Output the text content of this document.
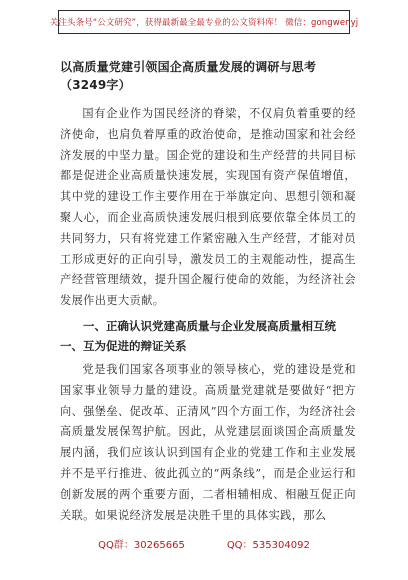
关注头条号“公文研究”，获得最新最全最专业的公文资料库！ 微信：gongwenyj
以高质量党建引领国企高质量发展的调研与思考（3249字）

国有企业作为国民经济的脊梁，不仅肩负着重要的经济使命，也肩负着厚重的政治使命，是推动国家和社会经济发展的中坚力量。国企党的建设和生产经营的共同目标都是促进企业高质量快速发展，实现国有资产保值增值，其中党的建设工作主要作用在于举旗定向、思想引领和凝聚人心，而企业高质快速发展归根到底要依靠全体员工的共同努力，只有将党建工作紧密融入生产经营，才能对员工形成更好的正向引导，激发员工的主观能动性，提高生产经营管理绩效，提升国企履行使命的效能，为经济社会发展作出更大贡献。

一、正确认识党建高质量与企业发展高质量相互统一、互为促进的辩证关系

党是我们国家各项事业的领导核心，党的建设是党和国家事业领导力量的建设。高质量党建就是要做好“把方向、强堡垒、促改革、正清风”四个方面工作，为经济社会高质量发展保驾护航。因此，从党建层面谈国企高质量发展内涵，我们应该认识到国有企业的党建工作和主业发展并不是平行推进、彼此孤立的“两条线”，而是企业运行和创新发展的两个重要方面，二者相辅相成、相融互促正向关联。如果说经济发展是决胜千里的具体实践，那么

QQ群：30265665	QQ：535304092
